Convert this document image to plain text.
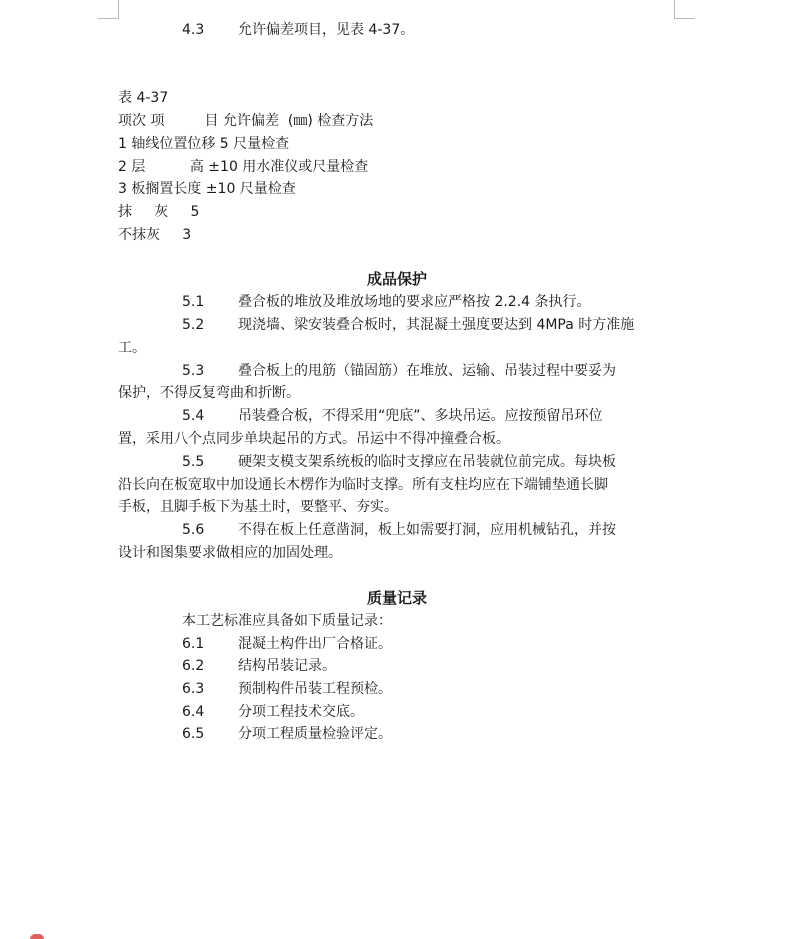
4.3 允许偏差项目，见表 4-37。
表 4-37
项次 项         目 允许偏差  (㎜) 检查方法
1 轴线位置位移 5 尺量检查
2 层          高 ±10 用水准仪或尺量检查
3 板搁置长度 ±10 尺量检查
抹     灰     5
不抹灰     3
成品保护
5.1 叠合板的堆放及堆放场地的要求应严格按 2.2.4 条执行。
5.2 现浇墙、梁安装叠合板时，其混凝土强度要达到 4MPa 时方准施
工。
5.3 叠合板上的甩筋（锚固筋）在堆放、运输、吊装过程中要妥为
保护，不得反复弯曲和折断。
5.4 吊装叠合板，不得采用“兜底”、多块吊运。应按预留吊环位
置，采用八个点同步单块起吊的方式。吊运中不得冲撞叠合板。
5.5 硬架支模支架系统板的临时支撑应在吊装就位前完成。每块板
沿长向在板宽取中加设通长木楞作为临时支撑。所有支柱均应在下端铺垫通长脚
手板，且脚手板下为基土时，要整平、夯实。
5.6 不得在板上任意凿洞，板上如需要打洞，应用机械钻孔，并按
设计和图集要求做相应的加固处理。
质量记录
本工艺标准应具备如下质量记录：
6.1 混凝土构件出厂合格证。
6.2 结构吊装记录。
6.3 预制构件吊装工程预检。
6.4 分项工程技术交底。
6.5 分项工程质量检验评定。
